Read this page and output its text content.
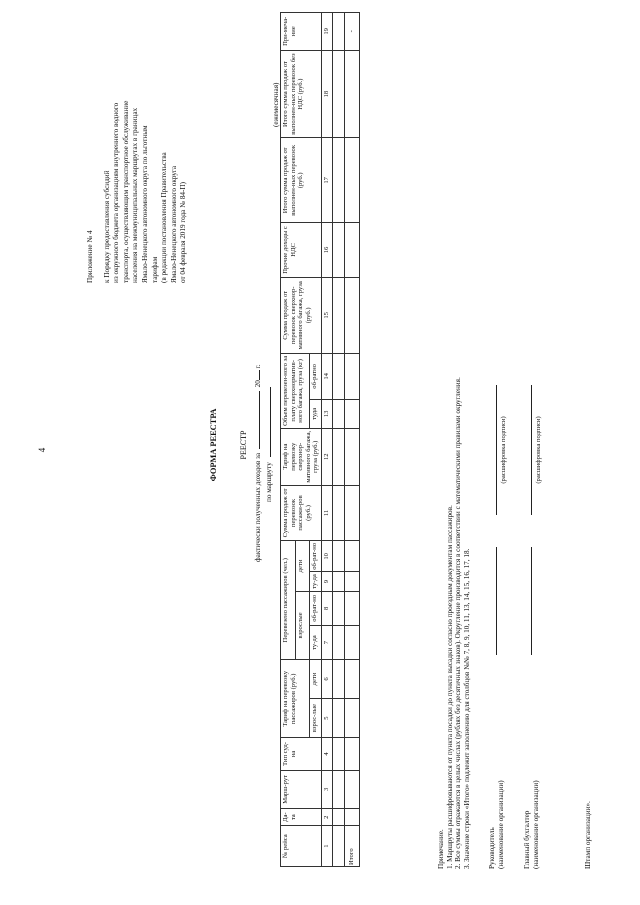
4
Приложение № 4 к Порядку предоставления субсидий из окружного бюджета организациям внутреннего водного транспорта, осуществляющим транспортное обслуживание населения на межмуниципальных маршрутах в границах Ямало-Ненецкого автономного округа по льготным тарифам (в редакции постановления Правительства Ямало-Ненецкого автономного округа от 04 февраля 2019 года № 84-П)
ФОРМА РЕЕСТРА	РЕЕСТР
фактически полученных доходов за  20 г.
по маршруту
(ежемесячная)
№ рейса	Да-та	Марш-рут	Тип суд-на	Тариф на перевозку пассажиров (руб.)		Перевезено пассажиров (чел.)				Сумма продаж от перевозок пассажи-ров (руб.)	Тариф на перевозку сверхнор-мативного багажа, груза (руб.)	Объем перевезен-ного за плату сверхнорматив-ного багажа, груза (кг)		Сумма продаж от перевозок сверхнор-мативного багажа, груза (руб.)	Прочие доходы с НДС	Итого сумма продаж от выполнен-ных перевозок (руб.)	Итого сумма продаж от выполнен-ных перевозок без НДС (руб.)	При-меча-ние
						взрослые		дети										
				взрос-лые	дети	ту-да	об-рат-но	ту-да	об-рат-но			туда	об-ратно					
1	2	3	4	5	6	7	8	9	10	11	12	13	14	15	16	17	18	19

Итого																		-
Примечание. 1. Маршруты расшифровываются от пункта посадки до пункта высадки согласно проездным документам пассажиров. 2. Все суммы отражаются в целых числах (рублях без десятичных знаков). Округление производится в соответствии с математическими правилами округления. 3. Значение строки «Итого» подлежит заполнению для столбцов №№ 7, 8, 9, 10, 11, 13, 14, 15, 16, 17, 18. Руководитель (наименование организации)
(расшифровка подписи)
Главный бухгалтер (наименование организации)
(расшифровка подписи)
Штамп организации».
